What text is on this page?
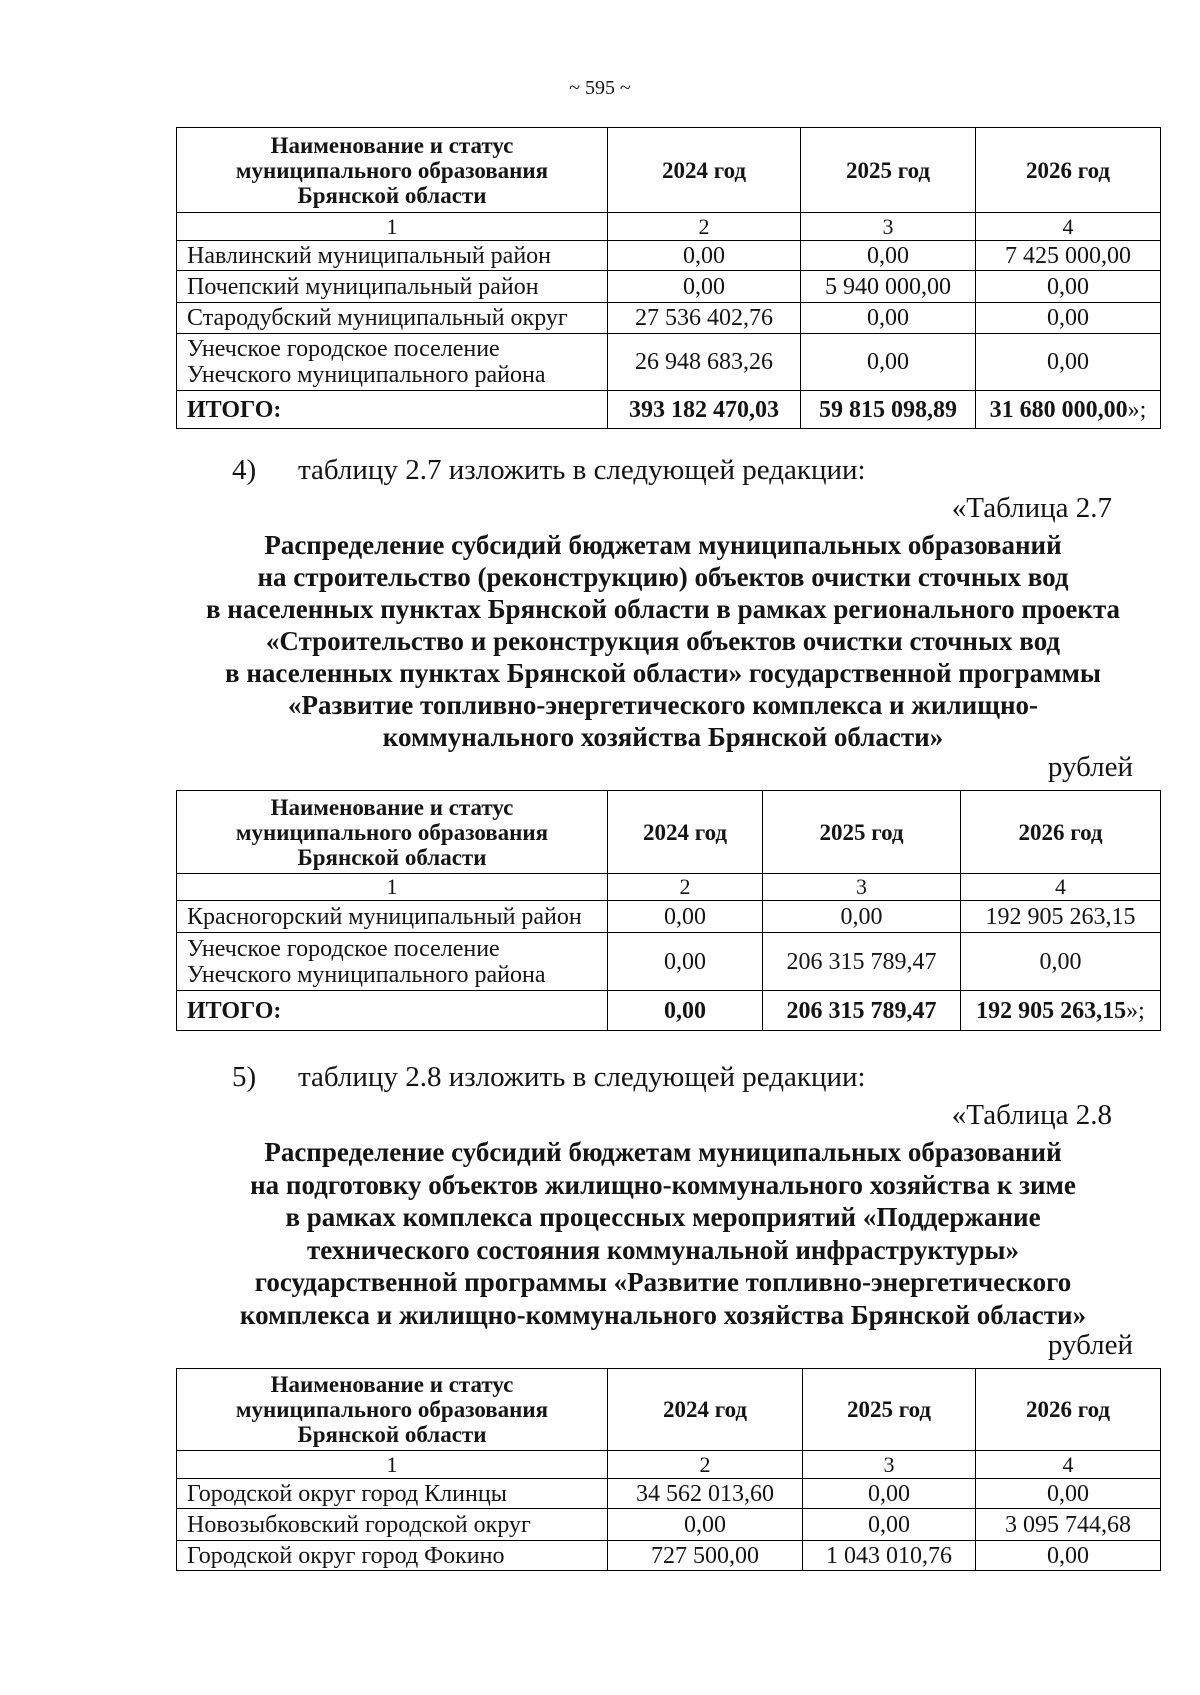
~ 595 ~
Наименование и статус
муниципального образования
Брянской области	2024 год	2025 год	2026 год
1	2	3	4
Навлинский муниципальный район	0,00	0,00	7 425 000,00
Почепский муниципальный район	0,00	5 940 000,00	0,00
Стародубский муниципальный округ	27 536 402,76	0,00	0,00

Унечское городское поселение
Унечского муниципального района	26 948 683,26	0,00	0,00
ИТОГО:	393 182 470,03	59 815 098,89	31 680 000,00»;
4) таблицу 2.7 изложить в следующей редакции:
«Таблица 2.7
Распределение субсидий бюджетам муниципальных образований
на строительство (реконструкцию) объектов очистки сточных вод
в населенных пунктах Брянской области в рамках регионального проекта
«Строительство и реконструкция объектов очистки сточных вод
в населенных пунктах Брянской области» государственной программы
«Развитие топливно-энергетического комплекса и жилищно-
коммунального хозяйства Брянской области»
рублей
Наименование и статус
муниципального образования
Брянской области	2024 год	2025 год	2026 год
1	2	3	4
Красногорский муниципальный район	0,00	0,00	192 905 263,15

Унечское городское поселение
Унечского муниципального района	0,00	206 315 789,47	0,00
ИТОГО:	0,00	206 315 789,47	192 905 263,15»;
5) таблицу 2.8 изложить в следующей редакции:
«Таблица 2.8
Распределение субсидий бюджетам муниципальных образований
на подготовку объектов жилищно-коммунального хозяйства к зиме
в рамках комплекса процессных мероприятий «Поддержание
технического состояния коммунальной инфраструктуры»
государственной программы «Развитие топливно-энергетического
комплекса и жилищно-коммунального хозяйства Брянской области»
рублей
Наименование и статус
муниципального образования
Брянской области	2024 год	2025 год	2026 год
1	2	3	4
Городской округ город Клинцы	34 562 013,60	0,00	0,00
Новозыбковский городской округ	0,00	0,00	3 095 744,68
Городской округ город Фокино	727 500,00	1 043 010,76	0,00
